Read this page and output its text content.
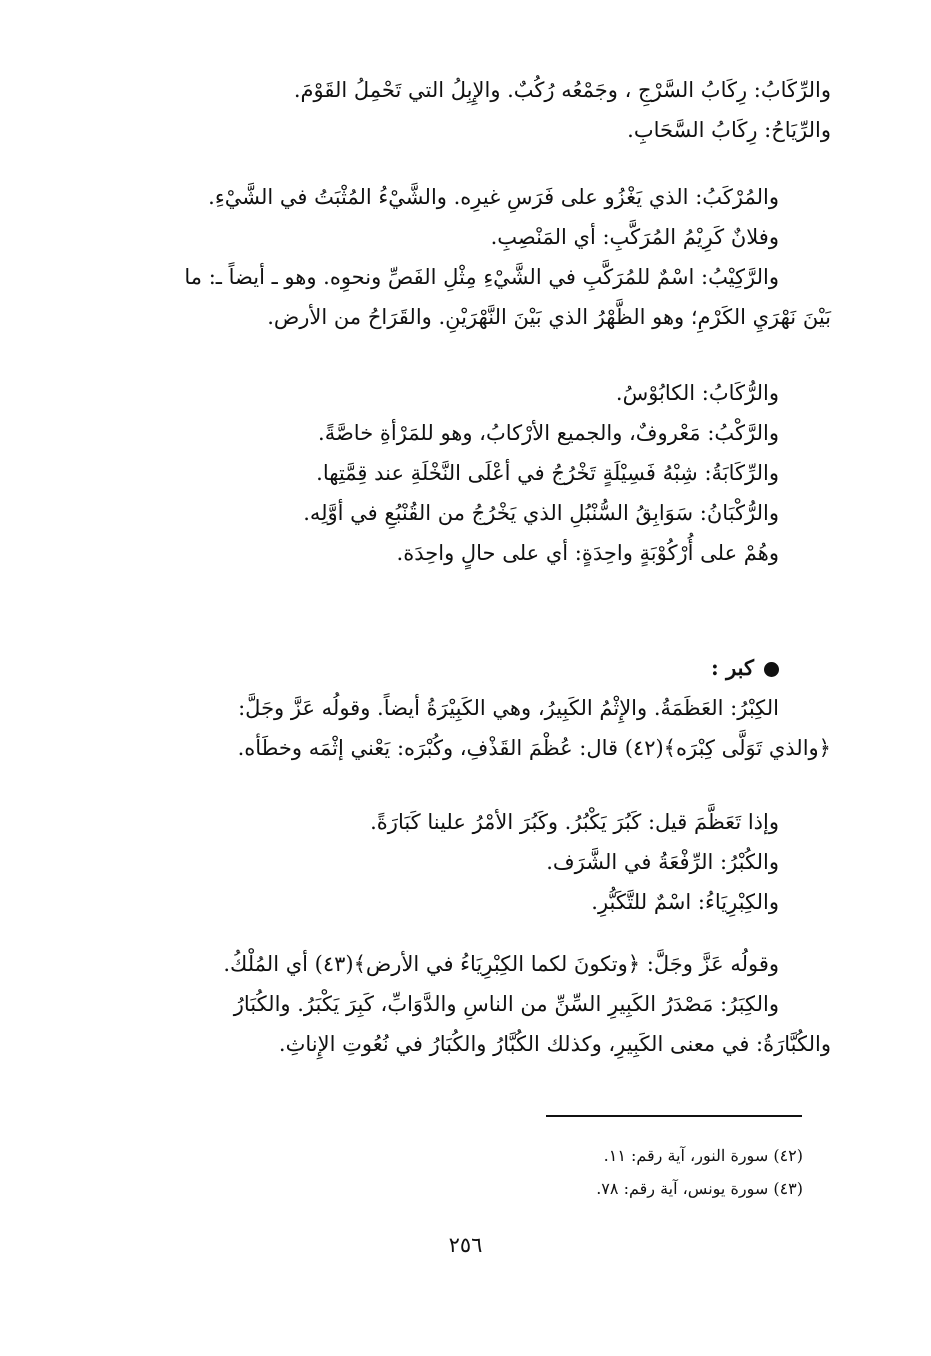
والرِّكَابُ: رِكَابُ السَّرْجِ ، وجَمْعُه رُكُبٌ. والإِبِلُ التي تَحْمِلُ القَوْمَ.
والرِّيَاحُ: رِكَابُ السَّحَابِ.
والمُرْكَبُ: الذي يَغْزُو على فَرَسِ غيرِه. والشَّيْءُ المُثْبَتُ في الشَّيْءِ.
وفلانٌ كَرِيْمُ المُرَكَّبِ: أي المَنْصِبِ.
والرَّكِيْبُ: اسْمٌ للمُرَكَّبِ في الشَّيْءِ مِثْلِ الفَصِّ ونحوِه. وهو ـ أيضاً ـ: ما
بَيْنَ نَهْرَيِ الكَرْمِ؛ وهو الظَّهْرُ الذي بَيْنَ النَّهْرَيْنِ. والقَرَاحُ من الأرض.
والرُّكَابُ: الكابُوْسُ.
والرَّكْبُ: مَعْروفٌ، والجميع الأرْكابُ، وهو للمَرْأةِ خاصَّةً.
والرِّكَابَةُ: شِبْهُ فَسِيْلَةٍ تَخْرُجُ في أعْلَى النَّخْلَةِ عند قِمَّتِها.
والرُّكْبَانُ: سَوَابِقُ السُّنْبُلِ الذي يَخْرُجُ من القُنْبُعِ في أوَّلِه.
وهُمْ على أُرْكُوْبَةٍ واحِدَةٍ: أي على حالٍ واحِدَة.
كبر :
الكِبْرُ: العَظَمَةُ. والإِثْمُ الكَبِيرُ، وهي الكَبِيْرَةُ أيضاً. وقولُه عَزَّ وجَلَّ:
﴿والذي تَوَلَّى كِبْرَه﴾(٤٢) قال: عُظْمَ القَذْفِ، وكُبْرَه: يَعْني إثْمَه وخطَأه.
وإذا تَعَظَّمَ قيل: كَبُرَ يَكْبُرُ. وكَبُرَ الأمْرُ علينا كَبَارَةً.
والكُبْرُ: الرِّفْعَةُ في الشَّرَف.
والكِبْرِيَاءُ: اسْمٌ للتَّكَبُّرِ.
وقولُه عَزَّ وجَلَّ: ﴿وتكونَ لكما الكِبْرِيَاءُ في الأرض﴾(٤٣) أي المُلْكُ.
والكِبَرُ: مَصْدَرُ الكَبِيرِ السِّنِّ من الناسِ والدَّوَابِّ، كَبِرَ يَكْبَرُ. والكُبَارُ
والكُبَّارَةُ: في معنى الكَبِيرِ، وكذلك الكُبَّارُ والكُبَارُ في نُعُوتِ الإِناثِ.
(٤٢) سورة النور، آية رقم: ١١.
(٤٣) سورة يونس، آية رقم: ٧٨.
٢٥٦
